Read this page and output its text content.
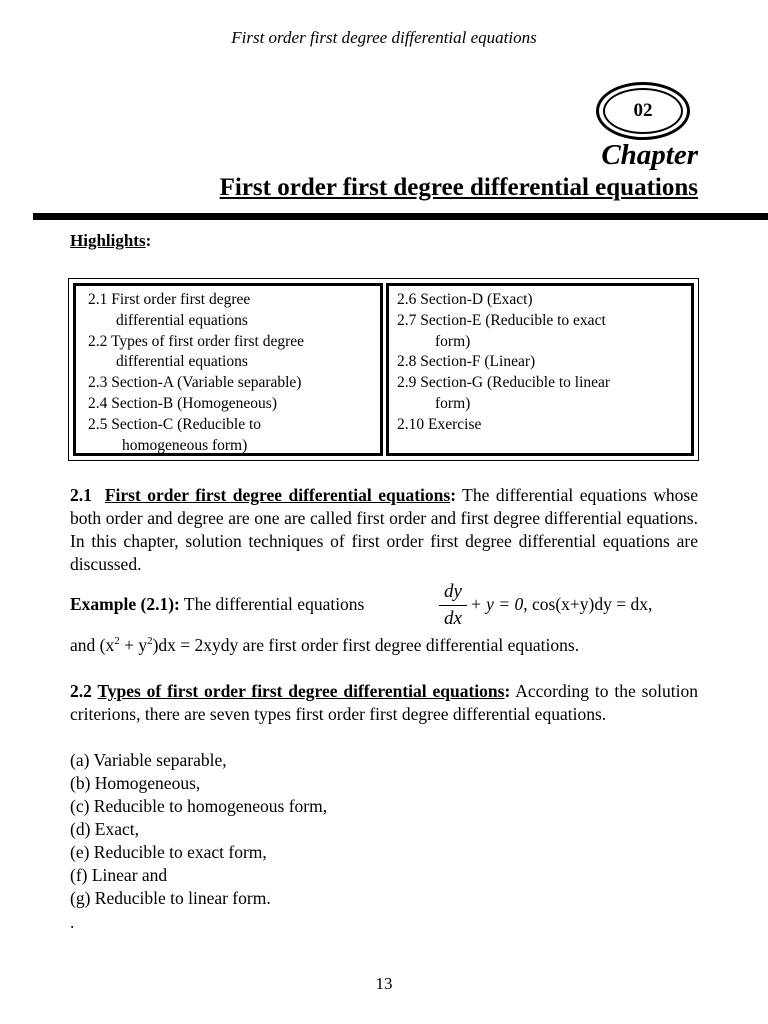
First order first degree differential equations
02
Chapter
First order first degree differential equations
Highlights:
2.1 First order first degree
differential equations
2.2 Types of first order first degree
differential equations
2.3 Section-A (Variable separable)
2.4 Section-B (Homogeneous)
2.5 Section-C (Reducible to
homogeneous form)
2.6 Section-D (Exact)
2.7 Section-E (Reducible to exact
form)
2.8 Section-F (Linear)
2.9 Section-G (Reducible to linear
form)
2.10 Exercise
2.1 First order first degree differential equations: The differential equations whose both order and degree are one are called first order and first degree differential equations. In this chapter, solution techniques of first order first degree differential equations are discussed.
Example (2.1): The differential equations
dy
dx
+ y = 0, cos(x+y)dy = dx,
and $(x^2 + y^2)dx$ = 2xydy are first order first degree differential equations.
2.2 Types of first order first degree differential equations: According to the solution criterions, there are seven types first order first degree differential equations.
(a) Variable separable,
(b) Homogeneous,
(c) Reducible to homogeneous form,
(d) Exact,
(e) Reducible to exact form,
(f) Linear and
(g) Reducible to linear form.
.
13
